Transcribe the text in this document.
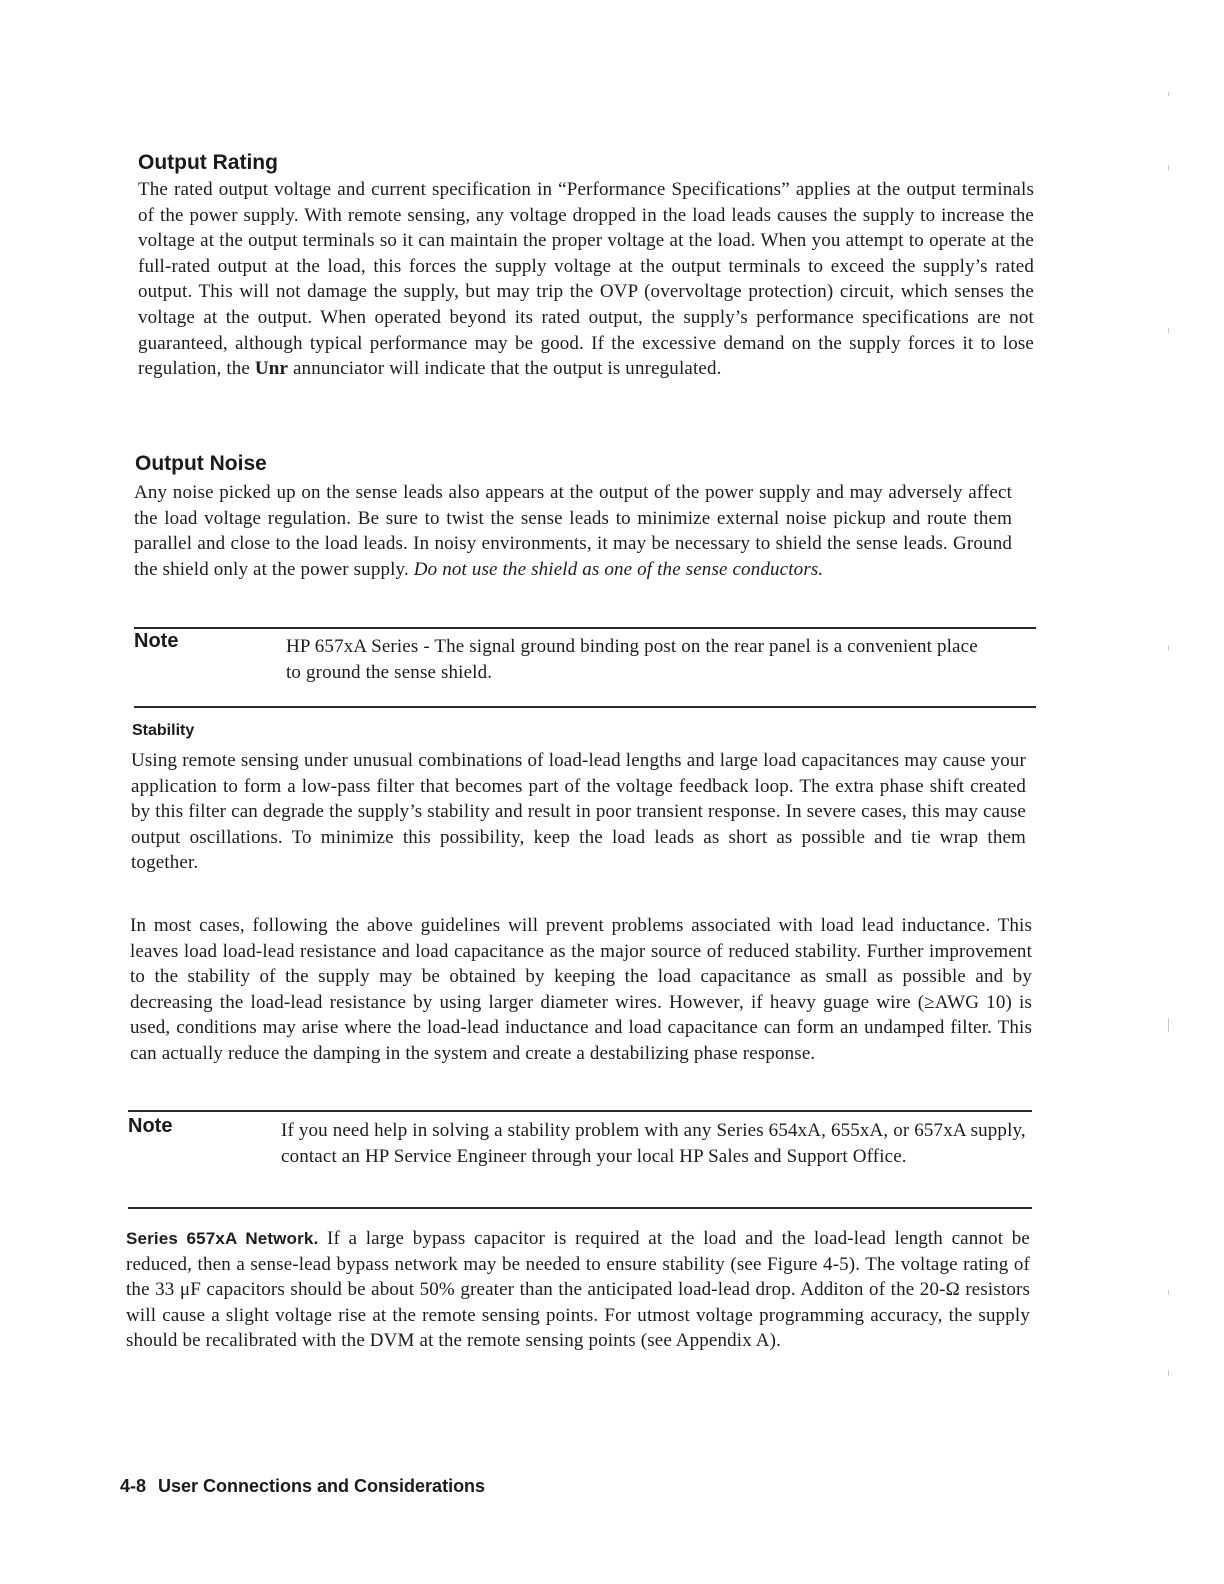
Output Rating

The rated output voltage and current specification in “Performance Specifications” applies at the output terminals of the power supply. With remote sensing, any voltage dropped in the load leads causes the supply to increase the voltage at the output terminals so it can maintain the proper voltage at the load. When you attempt to operate at the full-rated output at the load, this forces the supply voltage at the output terminals to exceed the supply’s rated output. This will not damage the supply, but may trip the OVP (overvoltage protection) circuit, which senses the voltage at the output. When operated beyond its rated output, the supply’s performance specifications are not guaranteed, although typical performance may be good. If the excessive demand on the supply forces it to lose regulation, the Unr annunciator will indicate that the output is unregulated.

Output Noise

Any noise picked up on the sense leads also appears at the output of the power supply and may adversely affect the load voltage regulation. Be sure to twist the sense leads to minimize external noise pickup and route them parallel and close to the load leads. In noisy environments, it may be necessary to shield the sense leads. Ground the shield only at the power supply. Do not use the shield as one of the sense conductors.

Note	HP 657xA Series - The signal ground binding post on the rear panel is a convenient place to ground the sense shield.

Stability

Using remote sensing under unusual combinations of load-lead lengths and large load capacitances may cause your application to form a low-pass filter that becomes part of the voltage feedback loop. The extra phase shift created by this filter can degrade the supply’s stability and result in poor transient response. In severe cases, this may cause output oscillations. To minimize this possibility, keep the load leads as short as possible and tie wrap them together.

In most cases, following the above guidelines will prevent problems associated with load lead inductance. This leaves load load-lead resistance and load capacitance as the major source of reduced stability. Further improvement to the stability of the supply may be obtained by keeping the load capacitance as small as possible and by decreasing the load-lead resistance by using larger diameter wires. However, if heavy guage wire (≥AWG 10) is used, conditions may arise where the load-lead inductance and load capacitance can form an undamped filter. This can actually reduce the damping in the system and create a destabilizing phase response.

Note	If you need help in solving a stability problem with any Series 654xA, 655xA, or 657xA supply, contact an HP Service Engineer through your local HP Sales and Support Office.

Series 657xA Network. If a large bypass capacitor is required at the load and the load-lead length cannot be reduced, then a sense-lead bypass network may be needed to ensure stability (see Figure 4-5). The voltage rating of the 33 μF capacitors should be about 50% greater than the anticipated load-lead drop. Additon of the 20-Ω resistors will cause a slight voltage rise at the remote sensing points. For utmost voltage programming accuracy, the supply should be recalibrated with the DVM at the remote sensing points (see Appendix A).

4-8 User Connections and Considerations
